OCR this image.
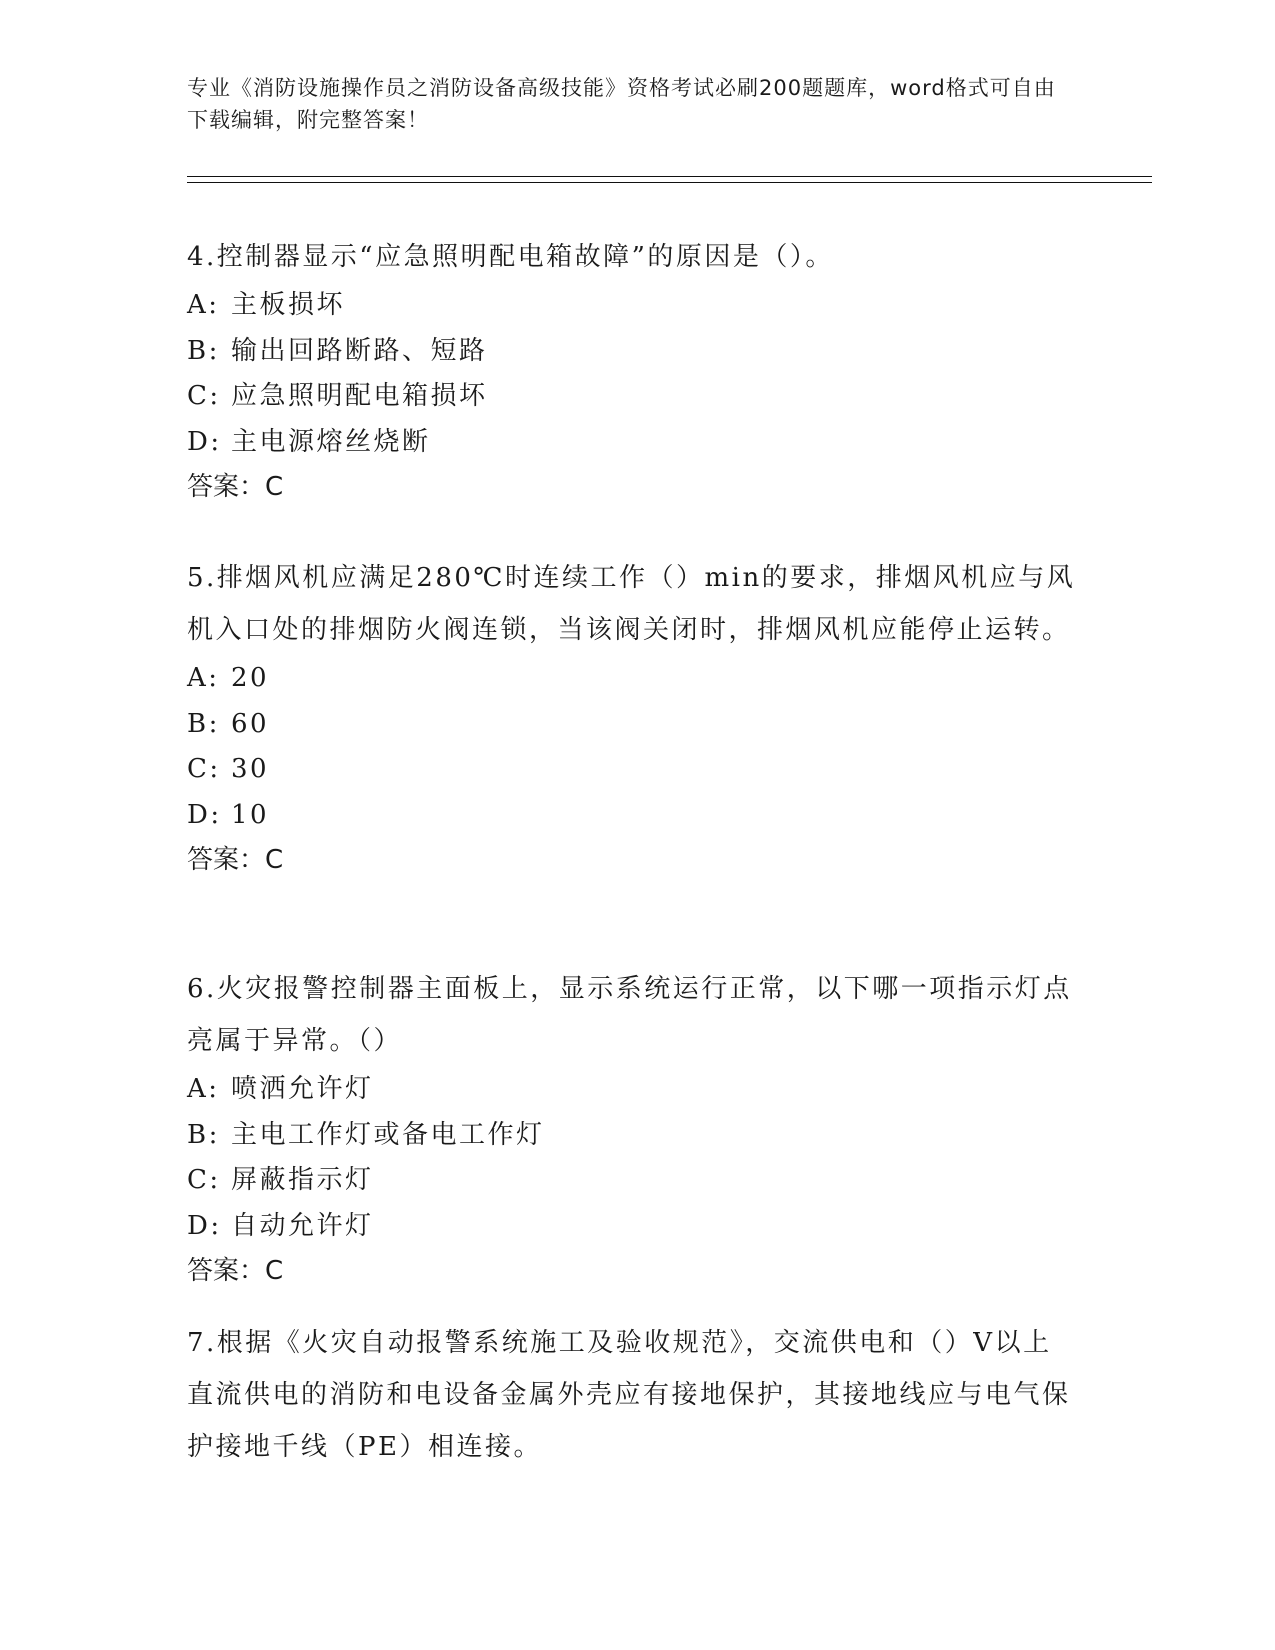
专业《消防设施操作员之消防设备高级技能》资格考试必刷200题题库，word格式可自由下载编辑，附完整答案！

4.控制器显示“应急照明配电箱故障”的原因是（）。

A: 主板损坏

B: 输出回路断路、短路

C: 应急照明配电箱损坏

D: 主电源熔丝烧断

答案：C

5.排烟风机应满足280℃时连续工作（）min的要求，排烟风机应与风机入口处的排烟防火阀连锁，当该阀关闭时，排烟风机应能停止运转。

A: 20

B: 60

C: 30

D: 10

答案：C

6.火灾报警控制器主面板上，显示系统运行正常，以下哪一项指示灯点亮属于异常。（）

A: 喷洒允许灯

B: 主电工作灯或备电工作灯

C: 屏蔽指示灯

D: 自动允许灯

答案：C

7.根据《火灾自动报警系统施工及验收规范》，交流供电和（）V以上直流供电的消防和电设备金属外壳应有接地保护，其接地线应与电气保护接地千线（PE）相连接。
